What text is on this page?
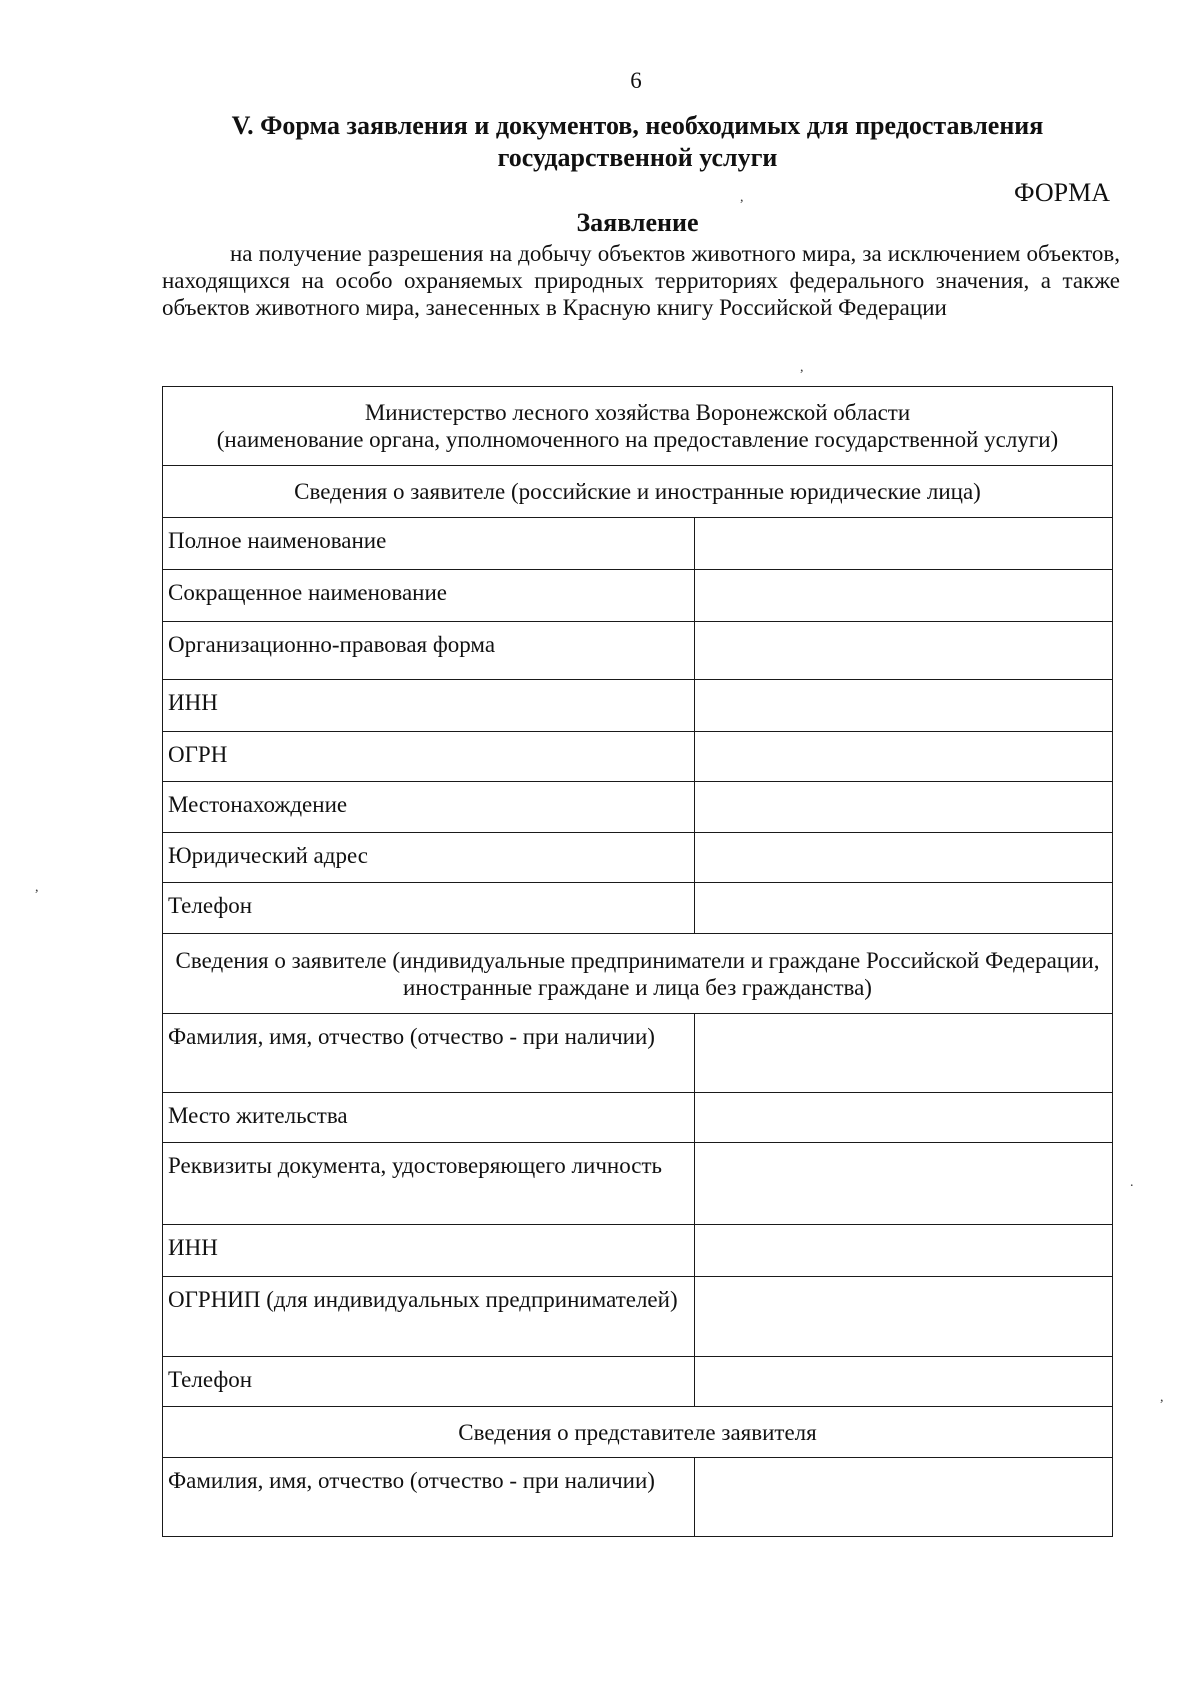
6
V. Форма заявления и документов, необходимых для предоставления государственной услуги
ФОРМА
Заявление
на получение разрешения на добычу объектов животного мира, за исключением объектов, находящихся на особо охраняемых природных территориях федерального значения, а также объектов животного мира, занесенных в Красную книгу Российской Федерации
Министерство лесного хозяйства Воронежской области
(наименование органа, уполномоченного на предоставление государственной услуги)	

Сведения о заявителе (российские и иностранные юридические лица)	
Полное наименование	
Сокращенное наименование	
Организационно-правовая форма	
ИНН	
ОГРН	
Местонахождение	
Юридический адрес	
Телефон	
Сведения о заявителе (индивидуальные предприниматели и граждане Российской Федерации, иностранные граждане и лица без гражданства)	
Фамилия, имя, отчество (отчество - при наличии)	
Место жительства	
Реквизиты документа, удостоверяющего личность	
ИНН	
ОГРНИП (для индивидуальных предпринимателей)	
Телефон	
Сведения о представителе заявителя	
Фамилия, имя, отчество (отчество - при наличии)	
,
,
,
.
,
